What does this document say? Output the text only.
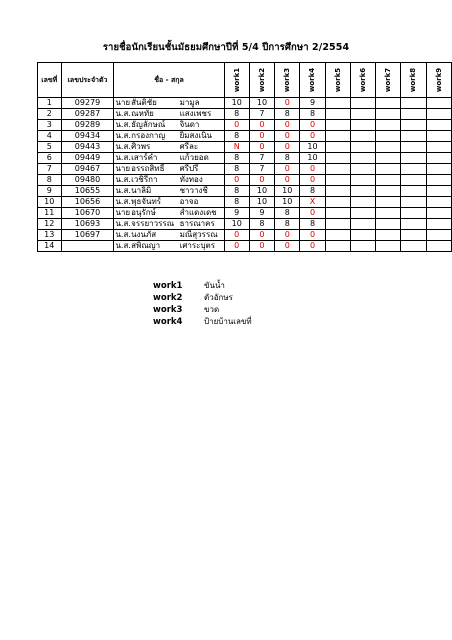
รายชื่อนักเรียนชั้นมัธยมศึกษาปีที่ 5/4 ปีการศึกษา 2/2554
เลขที่	เลขประจำตัว	ชื่อ - สกุล			work1	work2	work3	work4	work5	work6	work7	work8	work9
1	09279	นาย	สันติชัย	มามูล	10	10	0	9					
2	09287	น.ส.	ณหทัย	แสงเพชร	8	7	8	8					
3	09289	น.ส.	ธัญลักษณ์	จินดา	0	0	0	0					
4	09434	น.ส.	กรองกาญ	ยิ้มสงเนิน	8	0	0	0					
5	09443	น.ส.	ศิวพร	ศรีละ	N	0	0	10					
6	09449	น.ส.	เสาร์คำ	แก้วยอด	8	7	8	10					
7	09467	นาย	อรรถสิทธิ์	ศรีปรี	8	7	0	0					
8	09480	น.ส.	เวชิรีกา	ทั่งทอง	0	0	0	0					
9	10655	น.ส.	นาลิมิ	ชาวางชี	8	10	10	8					
10	10656	น.ส.	พุธจันทร์	อาจอ	8	10	10	X					
11	10670	นาย	อนุรักษ์	สำแดงเดช	9	9	8	0					
12	10693	น.ส.	จรรยาวรรณ	ธารณาคร	10	8	8	8					
13	10697	น.ส.	นงนภัส	มณีสุวรรณ	0	0	0	0					
14		น.ส.	สพิณญา	เศาระบุตร	0	0	0	0					
work1	ขันน้ำ
work2	ตัวอักษร
work3	ขวด
work4	ป้ายบ้านเลขที่
